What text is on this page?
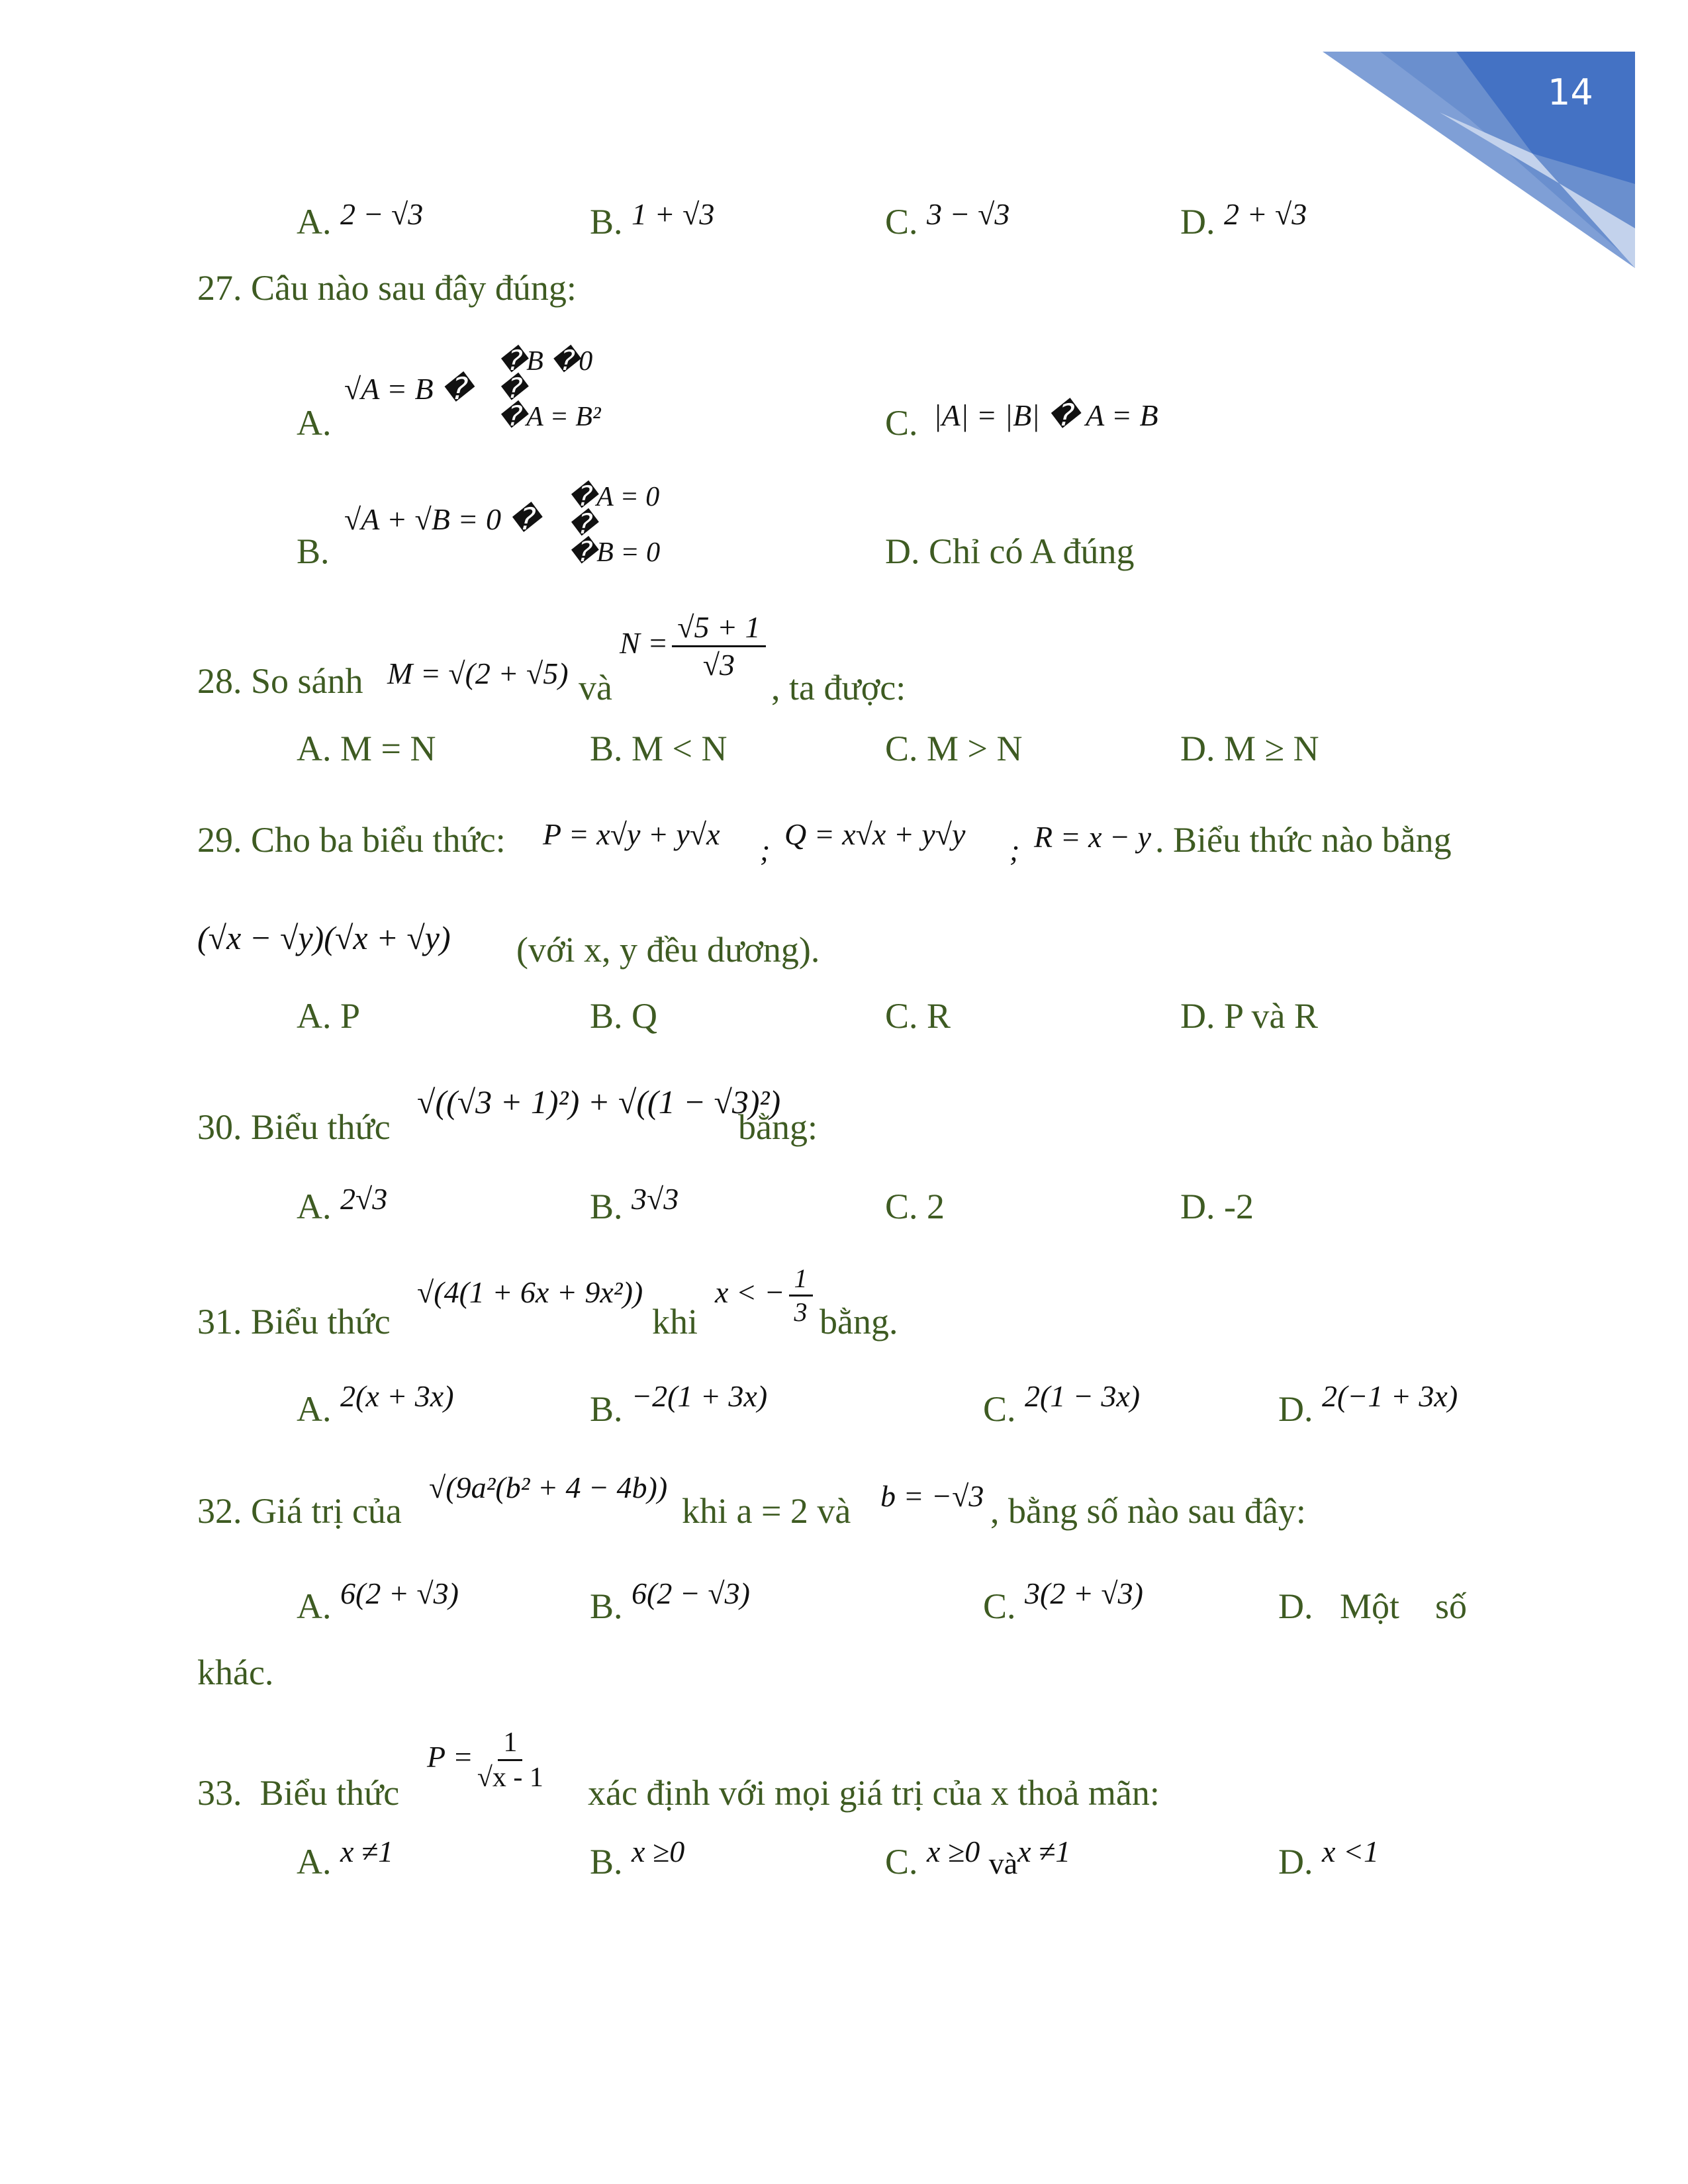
14
A. 2 − √3	B. 1 + √3	C. 3 − √3	D. 2 + √3
27. Câu nào sau đây đúng:
A.
√A = B �
�B �0
�
�A = B²	C. |A| = |B| � A = B
B.
√A + √B = 0 �
�A = 0
�
�B = 0	D. Chỉ có A đúng
28. So sánh M = √(2 + √5) và
$N = \frac{√5 + 1}{√3}$
, ta được:
A. M = N	B. M < N	C. M > N	D. M ≥ N
29. Cho ba biểu thức: P = x√y + y√x ; Q = x√x + y√y ; R = x − y . Biểu thức nào bằng
(√x − √y)(√x + √y) (với x, y đều dương).
A. P	B. Q	C. R	D. P và R
30. Biểu thức
√((√3 + 1)²) + √((1 − √3)²)
bằng:
A. 2√3	B. 3√3	C. 2	D. -2
31. Biểu thức
√(4(1 + 6x + 9x²))
khi
x < − $\frac{1}{3}$ bằng.
A. 2(x + 3x)	B. −2(1 + 3x)	C. 2(1 − 3x)	D. 2(−1 + 3x)
32. Giá trị của
√(9a²(b² + 4 − 4b))
khi a = 2 và b = −√3 , bằng số nào sau đây:
A. 6(2 + √3)	B. 6(2 − √3)	C. 3(2 + √3)	D.   Một    số
khác.
33.  Biểu thức
$P = \frac{1}{√x - 1}$
xác định với mọi giá trị của x thoả mãn:
A. x ≠1	B. x ≥0	C. x ≥0 vàx ≠1	D. x <1
